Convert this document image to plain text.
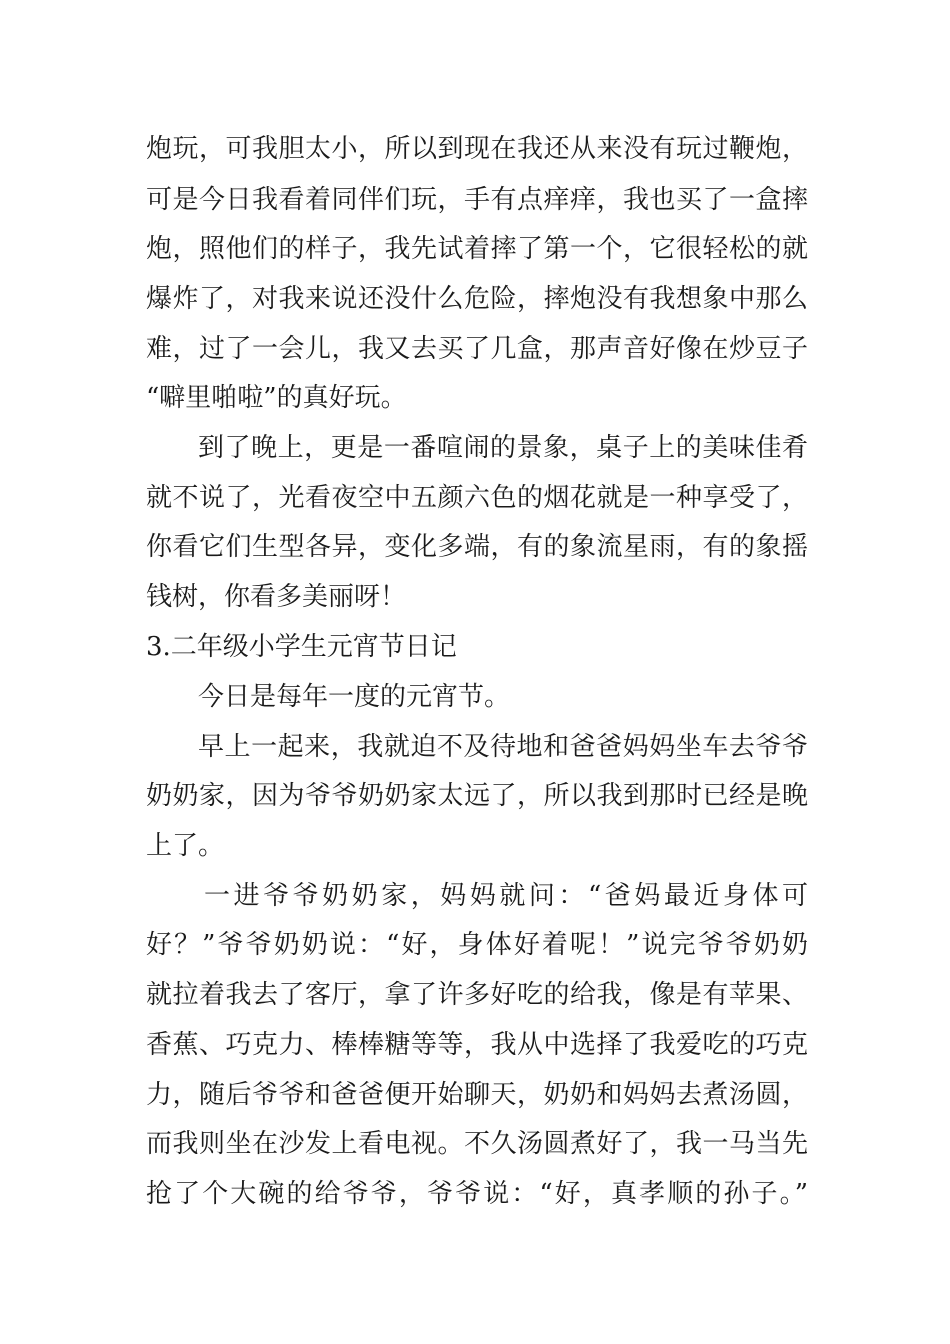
炮玩，可我胆太小，所以到现在我还从来没有玩过鞭炮，
可是今日我看着同伴们玩，手有点痒痒，我也买了一盒摔
炮，照他们的样子，我先试着摔了第一个，它很轻松的就
爆炸了，对我来说还没什么危险，摔炮没有我想象中那么
难，过了一会儿，我又去买了几盒，那声音好像在炒豆子
“噼里啪啦”的真好玩。
到了晚上，更是一番喧闹的景象，桌子上的美味佳肴
就不说了，光看夜空中五颜六色的烟花就是一种享受了，
你看它们生型各异，变化多端，有的象流星雨，有的象摇
钱树，你看多美丽呀！
3.二年级小学生元宵节日记
今日是每年一度的元宵节。
早上一起来，我就迫不及待地和爸爸妈妈坐车去爷爷
奶奶家，因为爷爷奶奶家太远了，所以我到那时已经是晚
上了。
一进爷爷奶奶家，妈妈就问：“爸妈最近身体可
好？”爷爷奶奶说：“好，身体好着呢！”说完爷爷奶奶
就拉着我去了客厅，拿了许多好吃的给我，像是有苹果、
香蕉、巧克力、棒棒糖等等，我从中选择了我爱吃的巧克
力，随后爷爷和爸爸便开始聊天，奶奶和妈妈去煮汤圆，
而我则坐在沙发上看电视。不久汤圆煮好了，我一马当先
抢了个大碗的给爷爷，爷爷说：“好，真孝顺的孙子。”
